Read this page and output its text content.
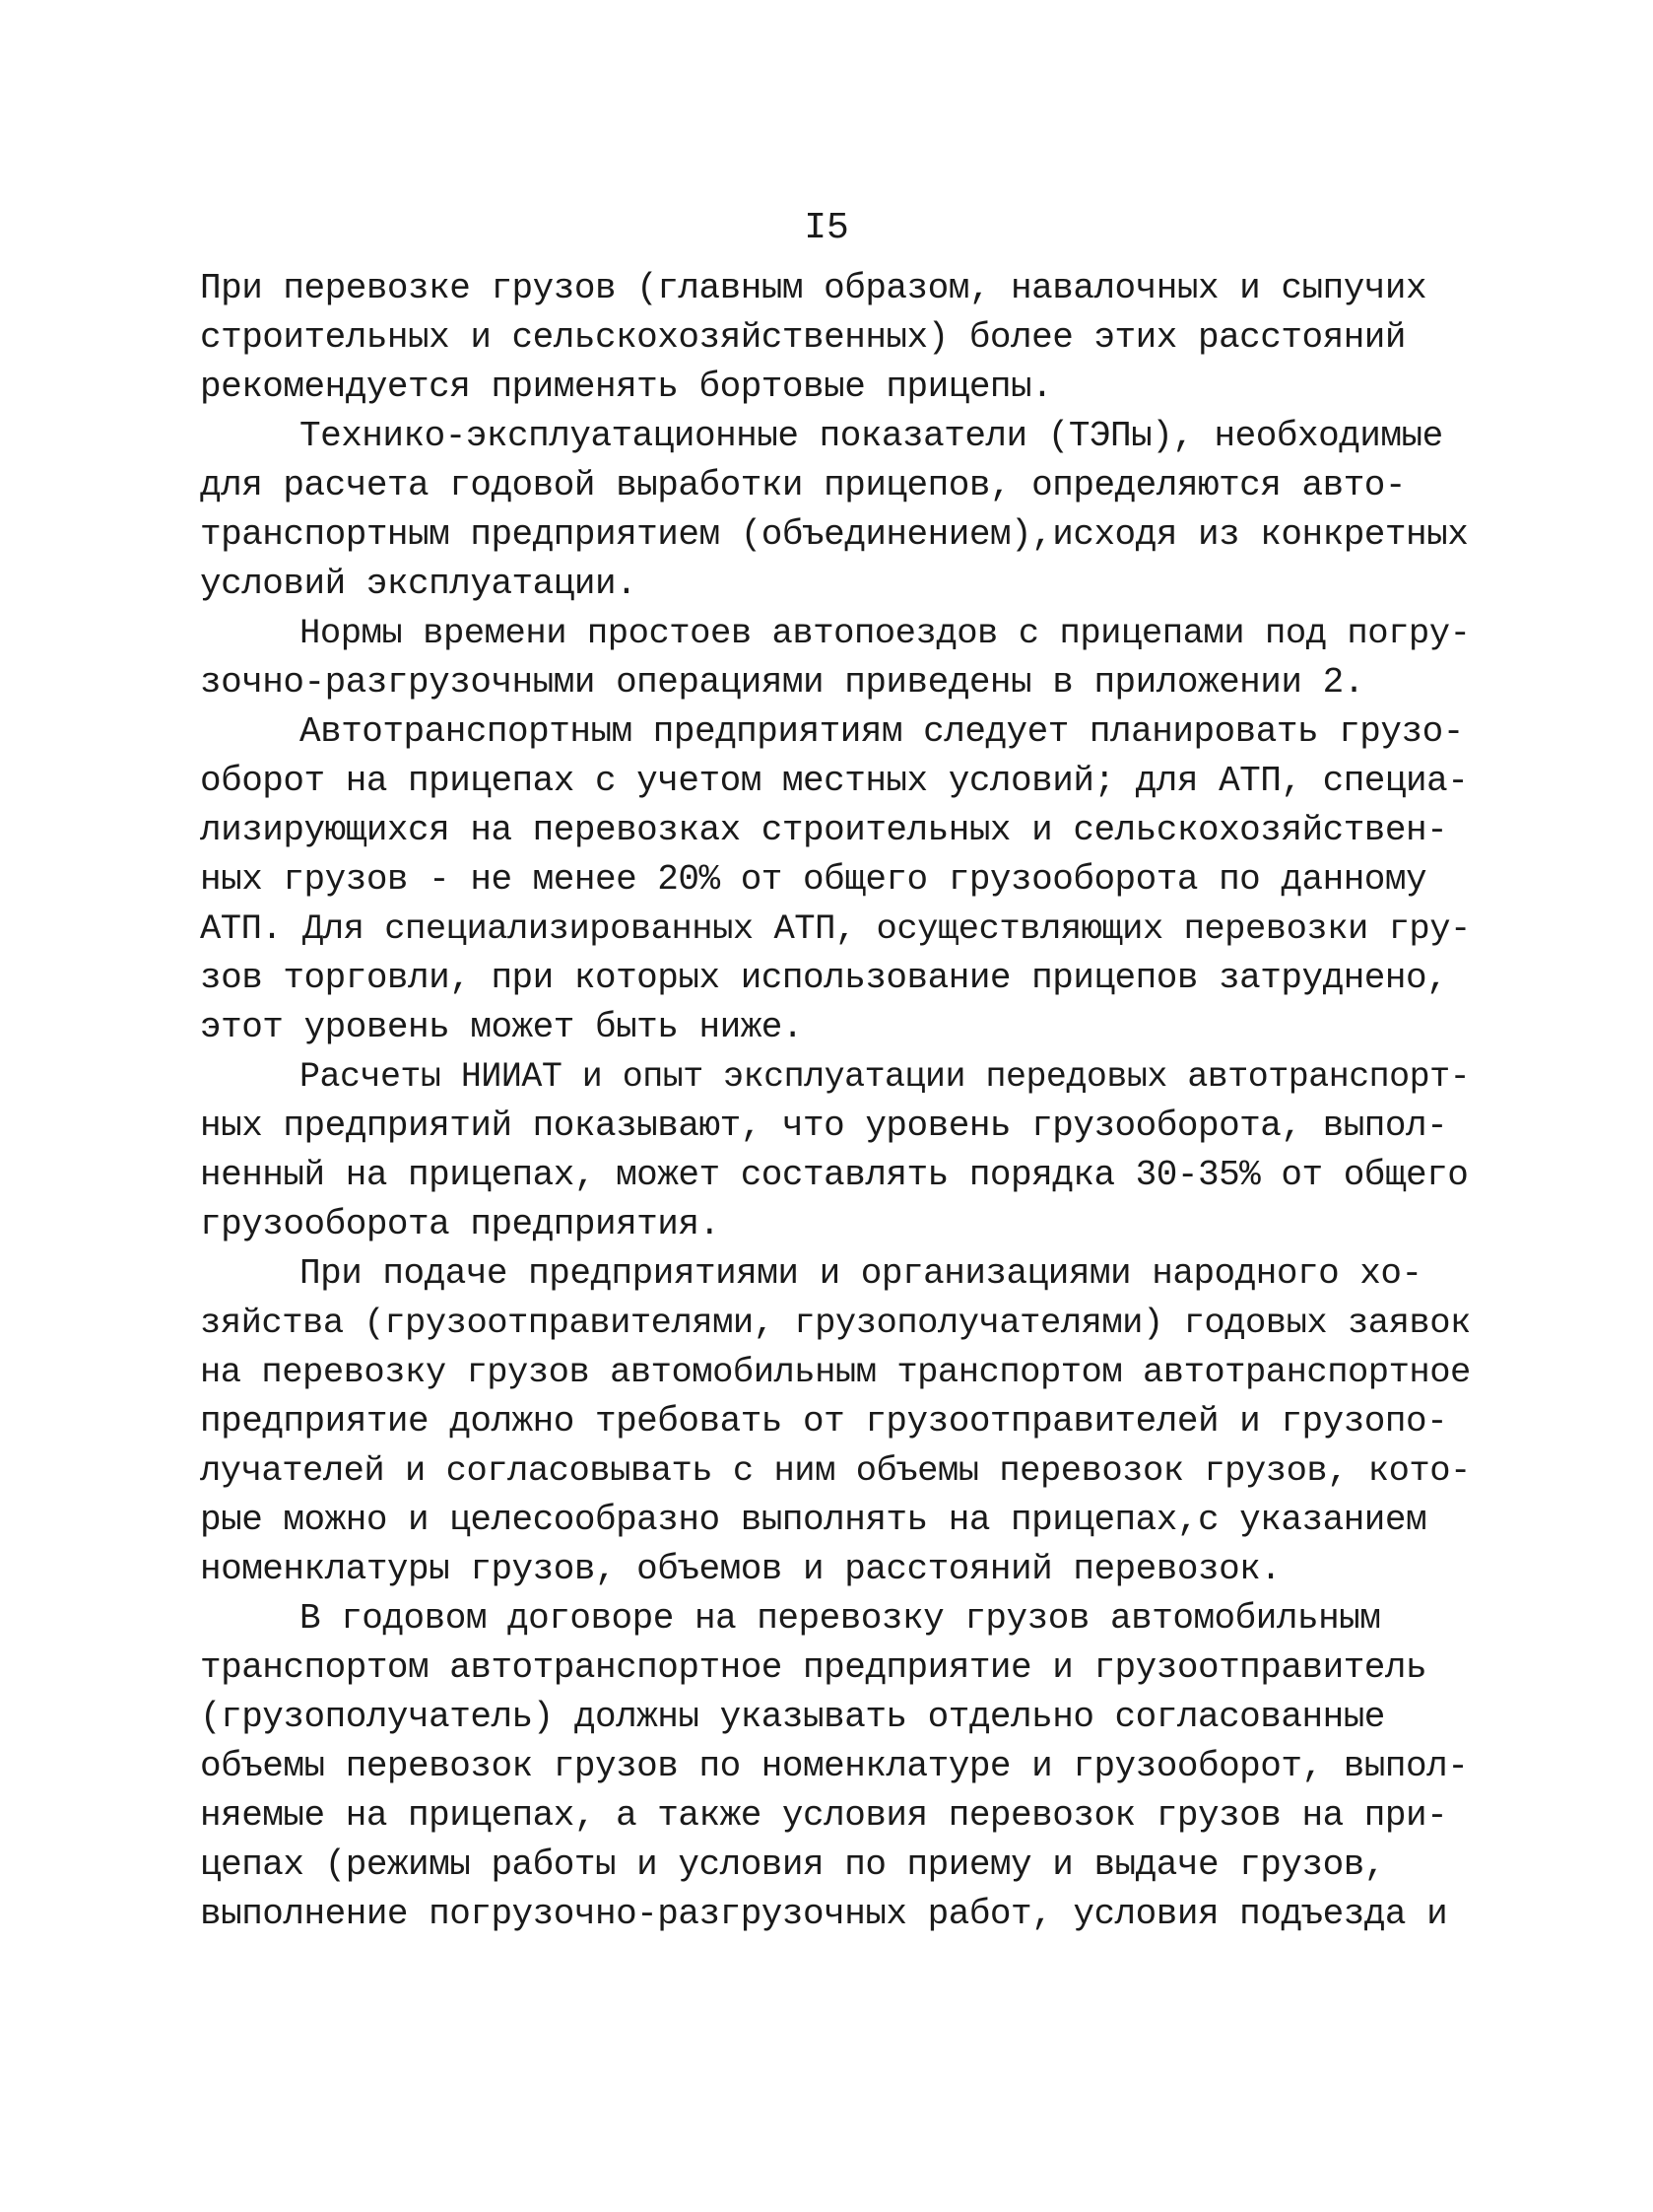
I5
При перевозке грузов (главным образом, навалочных и сыпучих
строительных и сельскохозяйственных) более этих расстояний
рекомендуется применять бортовые прицепы.
Технико-эксплуатационные показатели (ТЭПы), необходимые
для расчета годовой выработки прицепов, определяются авто-
транспортным предприятием (объединением),исходя из конкретных
условий эксплуатации.
Нормы времени простоев автопоездов с прицепами под погру-
зочно-разгрузочными операциями приведены в приложении 2.
Автотранспортным предприятиям следует планировать грузо-
оборот на прицепах с учетом местных условий; для АТП, специа-
лизирующихся на перевозках строительных и сельскохозяйствен-
ных грузов - не менее 20% от общего грузооборота по данному
АТП. Для специализированных АТП, осуществляющих перевозки гру-
зов торговли, при которых использование прицепов затруднено,
этот уровень может быть ниже.
Расчеты НИИАТ и опыт эксплуатации передовых автотранспорт-
ных предприятий показывают, что уровень грузооборота, выпол-
ненный на прицепах, может составлять порядка 30-35% от общего
грузооборота предприятия.
При подаче предприятиями и организациями народного хо-
зяйства (грузоотправителями, грузополучателями) годовых заявок
на перевозку грузов автомобильным транспортом автотранспортное
предприятие должно требовать от грузоотправителей и грузопо-
лучателей и согласовывать с ним объемы перевозок грузов, кото-
рые можно и целесообразно выполнять на прицепах,с указанием
номенклатуры грузов, объемов и расстояний перевозок.
В годовом договоре на перевозку грузов автомобильным
транспортом автотранспортное предприятие и грузоотправитель
(грузополучатель) должны указывать отдельно согласованные
объемы перевозок грузов по номенклатуре и грузооборот, выпол-
няемые на прицепах, а также условия перевозок грузов на при-
цепах (режимы работы и условия по приему и выдаче грузов,
выполнение погрузочно-разгрузочных работ, условия подъезда и
